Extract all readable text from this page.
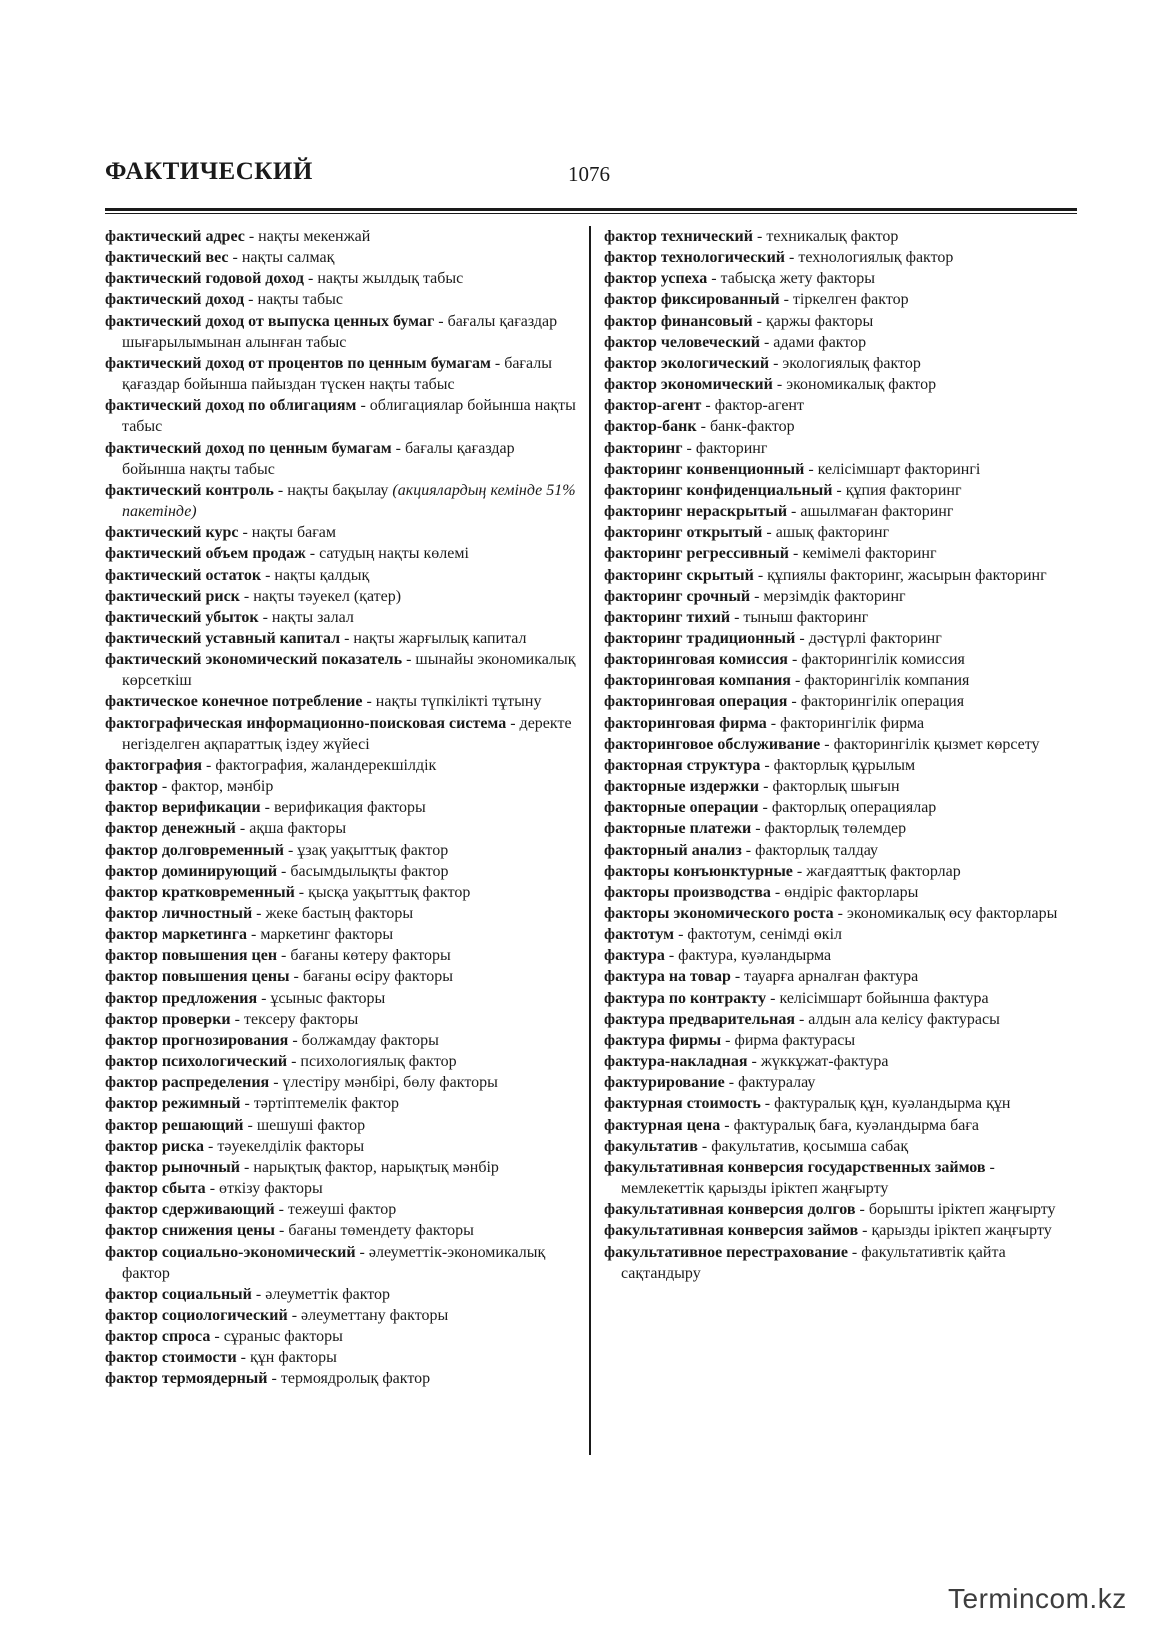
ФАКТИЧЕСКИЙ	1076

фактический адрес - нақты мекенжай

фактический вес - нақты салмақ

фактический годовой доход - нақты жылдық табыс

фактический доход - нақты табыс

фактический доход от выпуска ценных бумаг - бағалы қағаздар шығарылымынан алынған табыс

фактический доход от процентов по ценным бумагам - бағалы қағаздар бойынша пайыздан түскен нақты табыс

фактический доход по облигациям - облигациялар бойынша нақты табыс

фактический доход по ценным бумагам - бағалы қағаздар бойынша нақты табыс

фактический контроль - нақты бақылау (акциялардың кемінде 51% пакетінде)

фактический курс - нақты бағам

фактический объем продаж - сатудың нақты көлемі

фактический остаток - нақты қалдық

фактический риск - нақты тәуекел (қатер)

фактический убыток - нақты залал

фактический уставный капитал - нақты жарғылық капитал

фактический экономический показатель - шынайы экономикалық көрсеткіш

фактическое конечное потребление - нақты түпкілікті тұтыну

фактографическая информационно-поисковая система - деректе негізделген ақпараттық іздеу жүйесі

фактография - фактография, жаландерекшілдік

фактор - фактор, мәнбір

фактор верификации - верификация факторы

фактор денежный - ақша факторы

фактор долговременный - ұзақ уақыттық фактор

фактор доминирующий - басымдылықты фактор

фактор кратковременный - қысқа уақыттық фактор

фактор личностный - жеке бастың факторы

фактор маркетинга - маркетинг факторы

фактор повышения цен - бағаны көтеру факторы

фактор повышения цены - бағаны өсіру факторы

фактор предложения - ұсыныс факторы

фактор проверки - тексеру факторы

фактор прогнозирования - болжамдау факторы

фактор психологический - психологиялық фактор

фактор распределения - үлестіру мәнбірі, бөлу факторы

фактор режимный - тәртіптемелік фактор

фактор решающий - шешуші фактор

фактор риска - тәуекелділік факторы

фактор рыночный - нарықтық фактор, нарықтық мәнбір

фактор сбыта - өткізу факторы

фактор сдерживающий - тежеуші фактор

фактор снижения цены - бағаны төмендету факторы

фактор социально-экономический - әлеуметтік-экономикалық фактор

фактор социальный - әлеуметтік фактор

фактор социологический - әлеуметтану факторы

фактор спроса - сұраныс факторы

фактор стоимости - құн факторы

фактор термоядерный - термоядролық фактор

фактор технический - техникалық фактор

фактор технологический - технологиялық фактор

фактор успеха - табысқа жету факторы

фактор фиксированный - тіркелген фактор

фактор финансовый - қаржы факторы

фактор человеческий - адами фактор

фактор экологический - экологиялық фактор

фактор экономический - экономикалық фактор

фактор-агент - фактор-агент

фактор-банк - банк-фактор

факторинг - факторинг

факторинг конвенционный - келісімшарт факторингі

факторинг конфиденциальный - құпия факторинг

факторинг нераскрытый - ашылмаған факторинг

факторинг открытый - ашық факторинг

факторинг регрессивный - кемімелі факторинг

факторинг скрытый - құпиялы факторинг, жасырын факторинг

факторинг срочный - мерзімдік факторинг

факторинг тихий - тыныш факторинг

факторинг традиционный - дәстүрлі факторинг

факторинговая комиссия - факторингілік комиссия

факторинговая компания - факторингілік компания

факторинговая операция - факторингілік операция

факторинговая фирма - факторингілік фирма

факторинговое обслуживание - факторингілік қызмет көрсету

факторная структура - факторлық құрылым

факторные издержки - факторлық шығын

факторные операции - факторлық операциялар

факторные платежи - факторлық төлемдер

факторный анализ - факторлық талдау

факторы конъюнктурные - жағдаяттық факторлар

факторы производства - өндіріс факторлары

факторы экономического роста - экономикалық өсу факторлары

фактотум - фактотум, сенімді өкіл

фактура - фактура, куәландырма

фактура на товар - тауарға арналған фактура

фактура по контракту - келісімшарт бойынша фактура

фактура предварительная - алдын ала келісу фактурасы

фактура фирмы - фирма фактурасы

фактура-накладная - жүккұжат-фактура

фактурирование - фактуралау

фактурная стоимость - фактуралық құн, куәландырма құн

фактурная цена - фактуралық баға, куәландырма баға

факультатив - факультатив, қосымша сабақ

факультативная конверсия государственных займов - мемлекеттік қарызды іріктеп жаңғырту

факультативная конверсия долгов - борышты іріктеп жаңғырту

факультативная конверсия займов - қарызды іріктеп жаңғырту

факультативное перестрахование - факультативтік қайта сақтандыру

Termincom.kz
